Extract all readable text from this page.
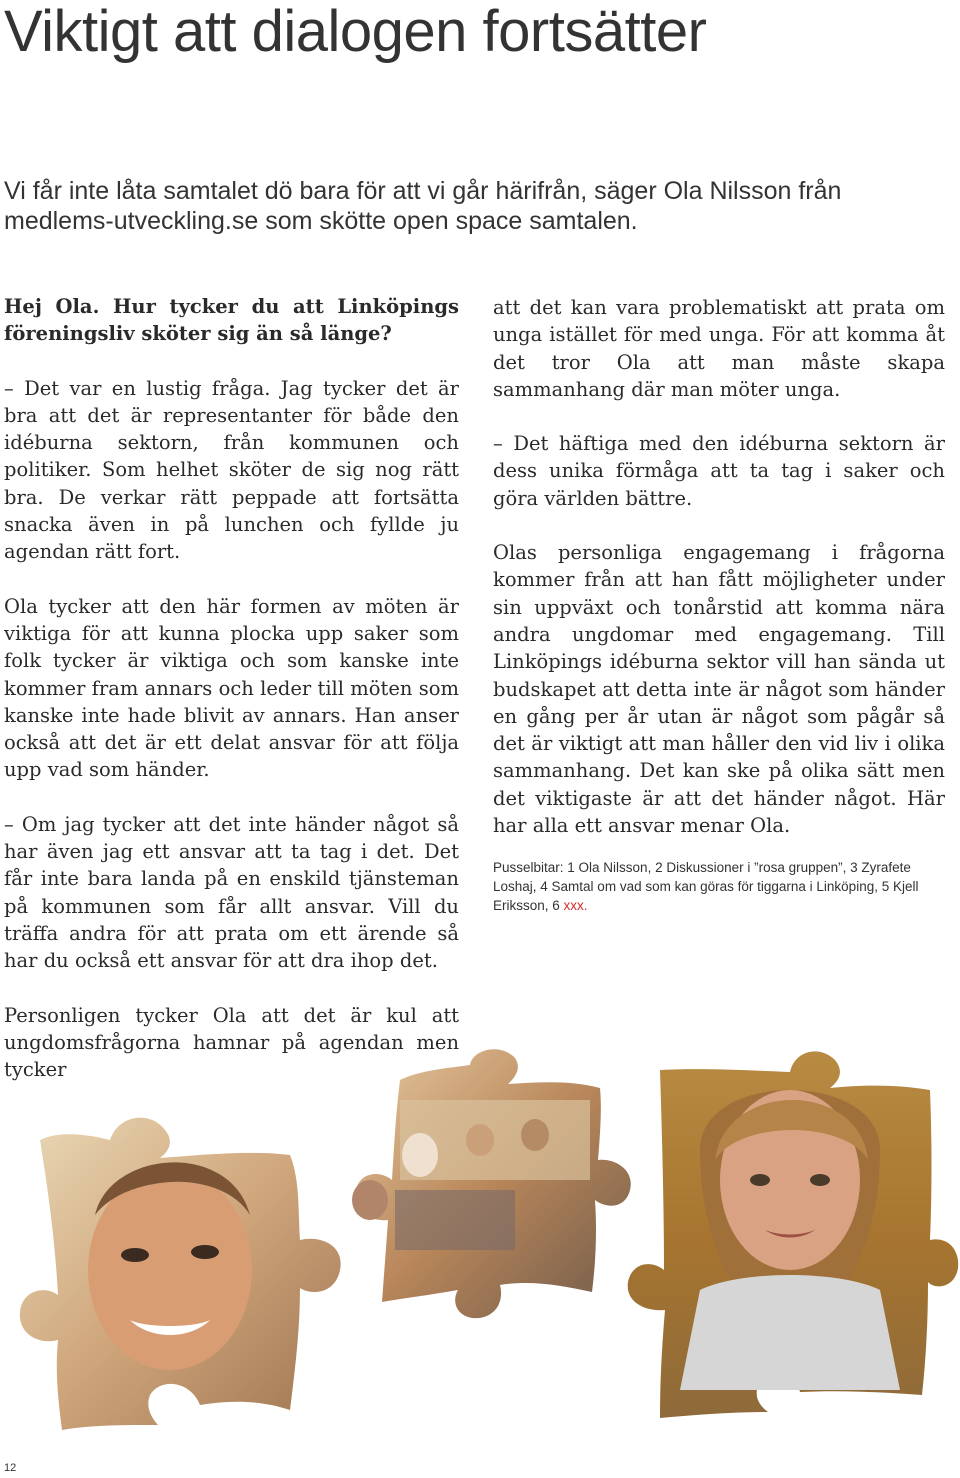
Viktigt att dialogen fortsätter
Vi får inte låta samtalet dö bara för att vi går härifrån, säger Ola Nilsson från medlems-utveckling.se som skötte open space samtalen.

Hej Ola. Hur tycker du att Linköpings föreningsliv sköter sig än så länge?

– Det var en lustig fråga. Jag tycker det är bra att det är representanter för både den idéburna sektorn, från kommunen och politiker. Som helhet sköter de sig nog rätt bra. De verkar rätt peppade att fortsätta snacka även in på lunchen och fyllde ju agendan rätt fort.

Ola tycker att den här formen av möten är viktiga för att kunna plocka upp saker som folk tycker är viktiga och som kanske inte kommer fram annars och leder till möten som kanske inte hade blivit av annars. Han anser också att det är ett delat ansvar för att följa upp vad som händer.

– Om jag tycker att det inte händer något så har även jag ett ansvar att ta tag i det. Det får inte bara landa på en enskild tjänsteman på kommunen som får allt ansvar. Vill du träffa andra för att prata om ett ärende så har du också ett ansvar för att dra ihop det.

Personligen tycker Ola att det är kul att ungdomsfrågorna hamnar på agendan men tycker

att det kan vara problematiskt att prata om unga istället för med unga. För att komma åt det tror Ola att man måste skapa sammanhang där man möter unga.

– Det häftiga med den idéburna sektorn är dess unika förmåga att ta tag i saker och göra världen bättre.

Olas personliga engagemang i frågorna kommer från att han fått möjligheter under sin uppväxt och tonårstid att komma nära andra ungdomar med engagemang. Till Linköpings idéburna sektor vill han sända ut budskapet att detta inte är något som händer en gång per år utan är något som pågår så det är viktigt att man håller den vid liv i olika sammanhang. Det kan ske på olika sätt men det viktigaste är att det händer något. Här har alla ett ansvar menar Ola.

Pusselbitar: 1 Ola Nilsson, 2 Diskussioner i ”rosa gruppen”, 3 Zyrafete Loshaj, 4 Samtal om vad som kan göras för tiggarna i Linköping, 5 Kjell Eriksson, 6 xxx.
12
